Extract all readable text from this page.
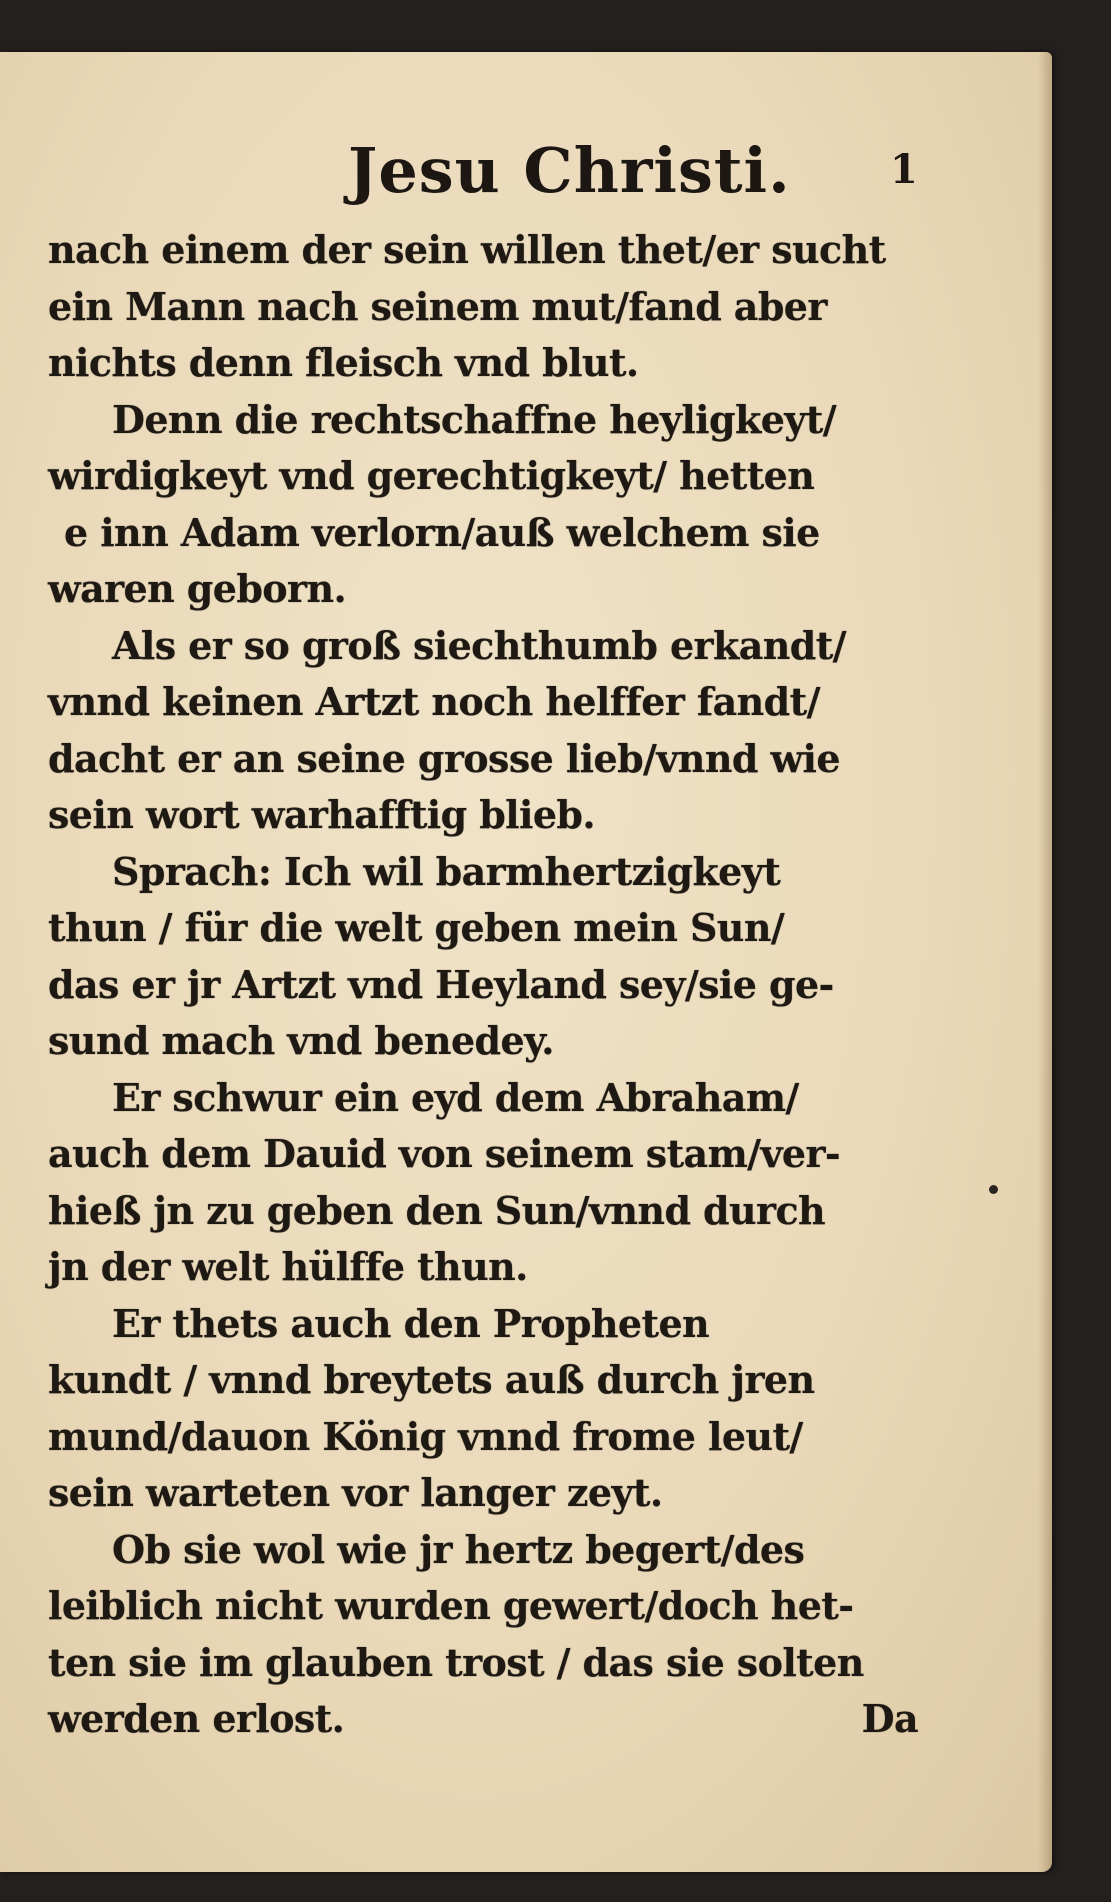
Jesu Christi. 1
nach einem der sein willen thet/er sucht
ein Mann nach seinem mut/fand aber
nichts denn fleisch vnd blut.
Denn die rechtschaffne heyligkeyt/
wirdigkeyt vnd gerechtigkeyt/ hetten
e inn Adam verlorn/auß welchem sie
waren geborn.
Als er so groß siechthumb erkandt/
vnnd keinen Artzt noch helffer fandt/
dacht er an seine grosse lieb/vnnd wie
sein wort warhafftig blieb.
Sprach: Ich wil barmhertzigkeyt
thun / für die welt geben mein Sun/
das er jr Artzt vnd Heyland sey/sie ge-
sund mach vnd benedey.
Er schwur ein eyd dem Abraham/
auch dem Dauid von seinem stam/ver-
hieß jn zu geben den Sun/vnnd durch
jn der welt hülffe thun.
Er thets auch den Propheten
kundt / vnnd breytets auß durch jren
mund/dauon König vnnd frome leut/
sein warteten vor langer zeyt.
Ob sie wol wie jr hertz begert/des
leiblich nicht wurden gewert/doch het-
ten sie im glauben trost / das sie solten
werden erlost.	Da
